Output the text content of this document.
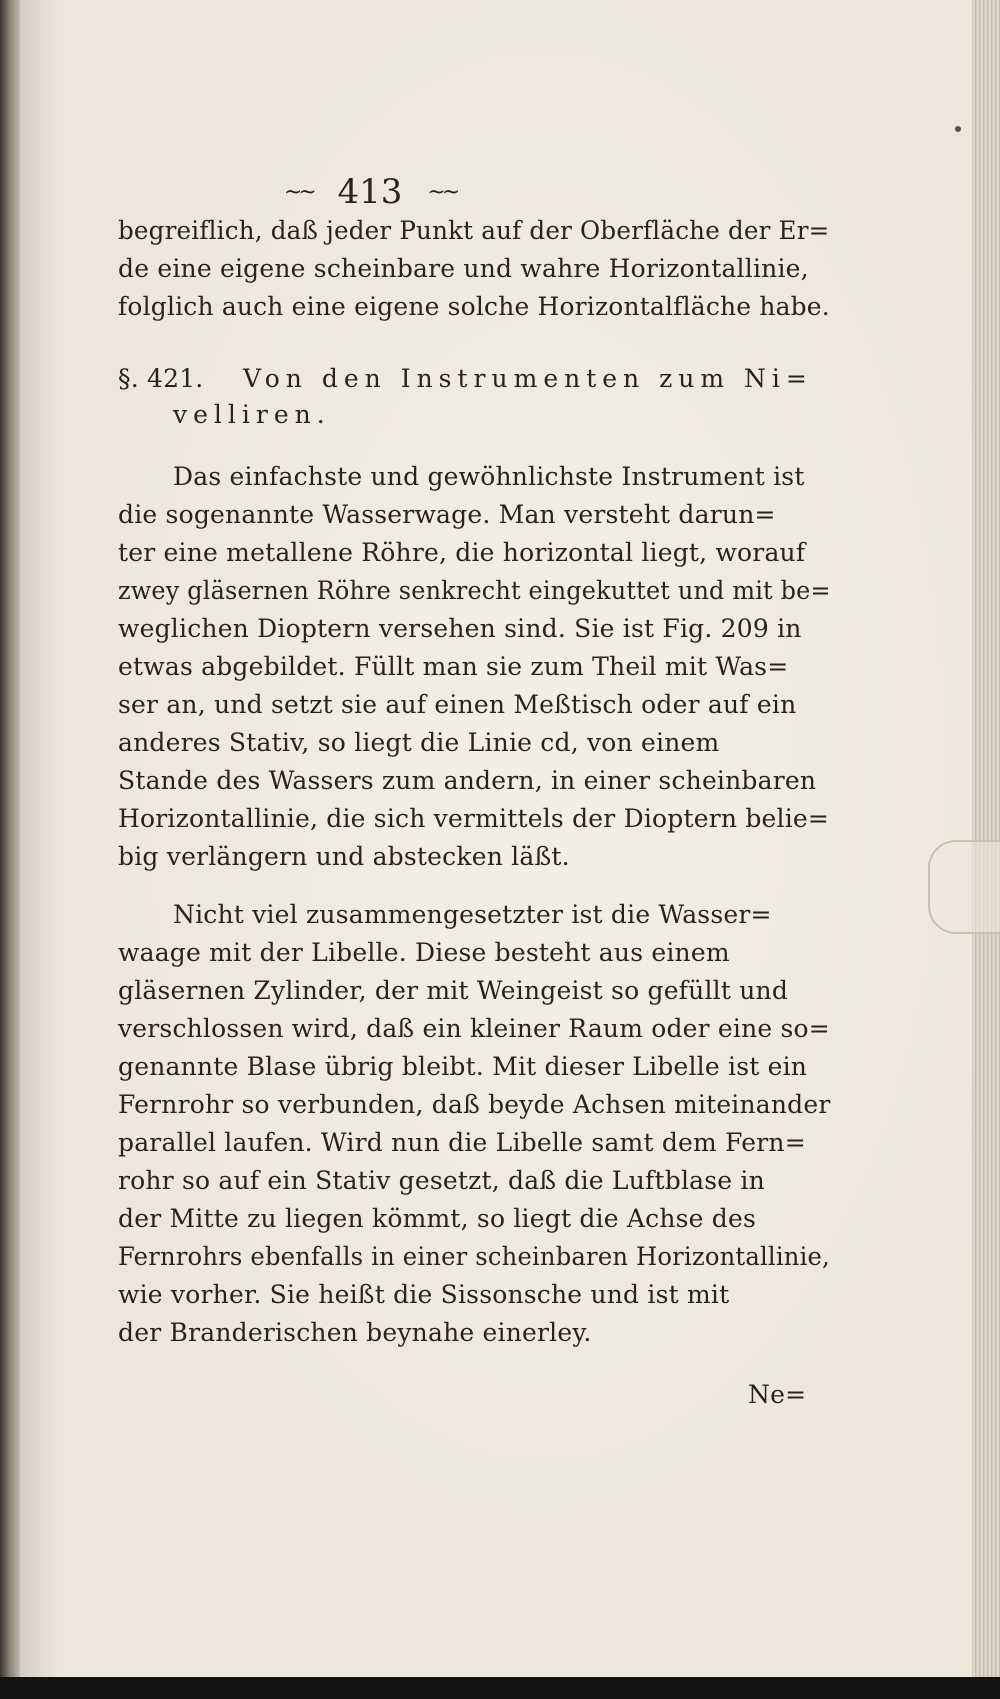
~~ 413 ~~
begreiflich, daß jeder Punkt auf der Oberfläche der Er=
de eine eigene scheinbare und wahre Horizontallinie,
folglich auch eine eigene solche Horizontalfläche habe.
§. 421. Von den Instrumenten zum Ni=
velliren.
Das einfachste und gewöhnlichste Instrument ist
die sogenannte Wasserwage. Man versteht darun=
ter eine metallene Röhre, die horizontal liegt, worauf
zwey gläsernen Röhre senkrecht eingekuttet und mit be=
weglichen Dioptern versehen sind. Sie ist Fig. 209 in
etwas abgebildet. Füllt man sie zum Theil mit Was=
ser an, und setzt sie auf einen Meßtisch oder auf ein
anderes Stativ, so liegt die Linie cd, von einem
Stande des Wassers zum andern, in einer scheinbaren
Horizontallinie, die sich vermittels der Dioptern belie=
big verlängern und abstecken läßt.
Nicht viel zusammengesetzter ist die Wasser=
waage mit der Libelle. Diese besteht aus einem
gläsernen Zylinder, der mit Weingeist so gefüllt und
verschlossen wird, daß ein kleiner Raum oder eine so=
genannte Blase übrig bleibt. Mit dieser Libelle ist ein
Fernrohr so verbunden, daß beyde Achsen miteinander
parallel laufen. Wird nun die Libelle samt dem Fern=
rohr so auf ein Stativ gesetzt, daß die Luftblase in
der Mitte zu liegen kömmt, so liegt die Achse des
Fernrohrs ebenfalls in einer scheinbaren Horizontallinie,
wie vorher. Sie heißt die Sissonsche und ist mit
der Branderischen beynahe einerley.
Ne=
